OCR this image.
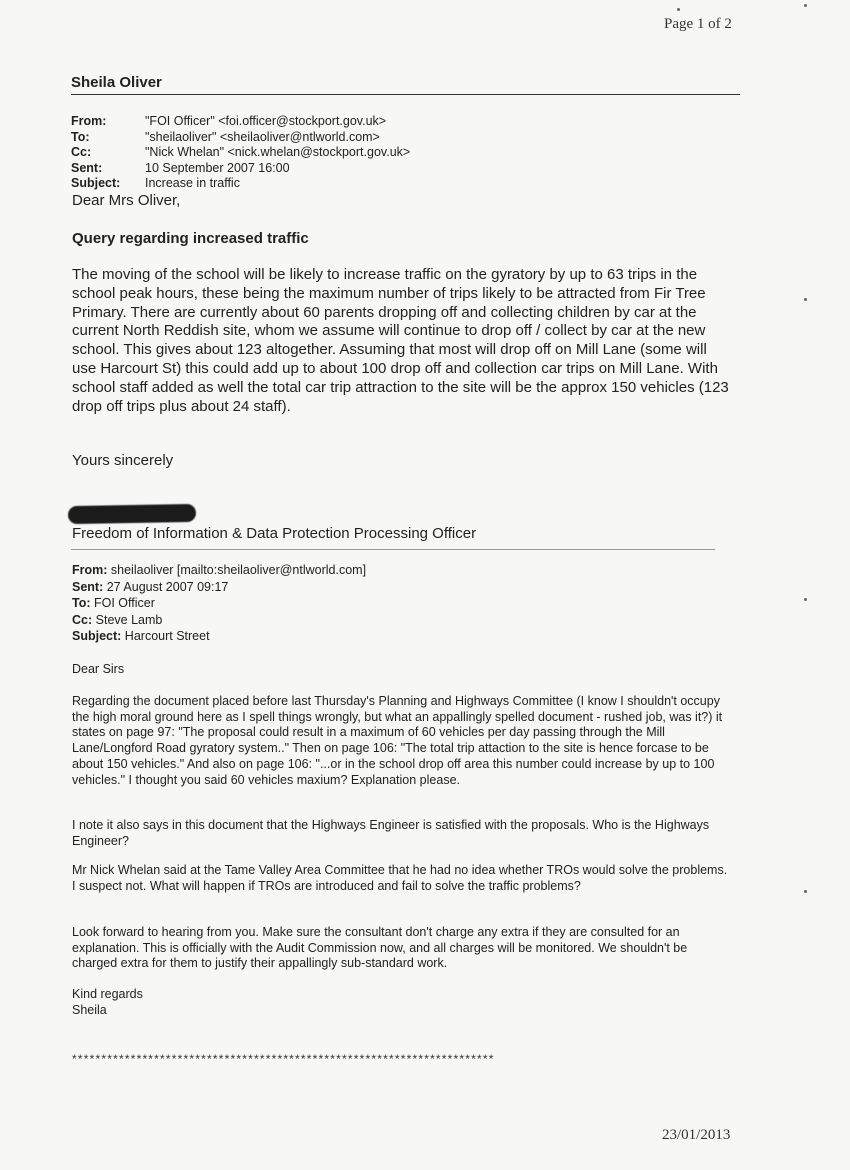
Page 1 of 2
Sheila Oliver
From:	"FOI Officer" <foi.officer@stockport.gov.uk>
To:	"sheilaoliver" <sheilaoliver@ntlworld.com>
Cc:	"Nick Whelan" <nick.whelan@stockport.gov.uk>
Sent:	10 September 2007 16:00
Subject: Increase in traffic
Dear Mrs Oliver,
Query regarding increased traffic
The moving of the school will be likely to increase traffic on the gyratory by up to 63 trips in the school peak hours, these being the maximum number of trips likely to be attracted from Fir Tree Primary. There are currently about 60 parents dropping off and collecting children by car at the current North Reddish site, whom we assume will continue to drop off / collect by car at the new school. This gives about 123 altogether. Assuming that most will drop off on Mill Lane (some will use Harcourt St) this could add up to about 100 drop off and collection car trips on Mill Lane. With school staff added as well the total car trip attraction to the site will be the approx 150 vehicles (123 drop off trips plus about 24 staff).
Yours sincerely
Freedom of Information & Data Protection Processing Officer
From: sheilaoliver [mailto:sheilaoliver@ntlworld.com]
Sent: 27 August 2007 09:17
To: FOI Officer
Cc: Steve Lamb
Subject: Harcourt Street
Dear Sirs
Regarding the document placed before last Thursday's Planning and Highways Committee (I know I shouldn't occupy the high moral ground here as I spell things wrongly, but what an appallingly spelled document - rushed job, was it?) it states on page 97: "The proposal could result in a maximum of 60 vehicles per day passing through the Mill Lane/Longford Road gyratory system.." Then on page 106: "The total trip attaction to the site is hence forcase to be about 150 vehicles." And also on page 106: "...or in the school drop off area this number could increase by up to 100 vehicles." I thought you said 60 vehicles maxium? Explanation please.
I note it also says in this document that the Highways Engineer is satisfied with the proposals. Who is the Highways Engineer?
Mr Nick Whelan said at the Tame Valley Area Committee that he had no idea whether TROs would solve the problems. I suspect not. What will happen if TROs are introduced and fail to solve the traffic problems?
Look forward to hearing from you. Make sure the consultant don't charge any extra if they are consulted for an explanation. This is officially with the Audit Commission now, and all charges will be monitored. We shouldn't be charged extra for them to justify their appallingly sub-standard work.
Kind regards
Sheila
************************************************************************
23/01/2013
